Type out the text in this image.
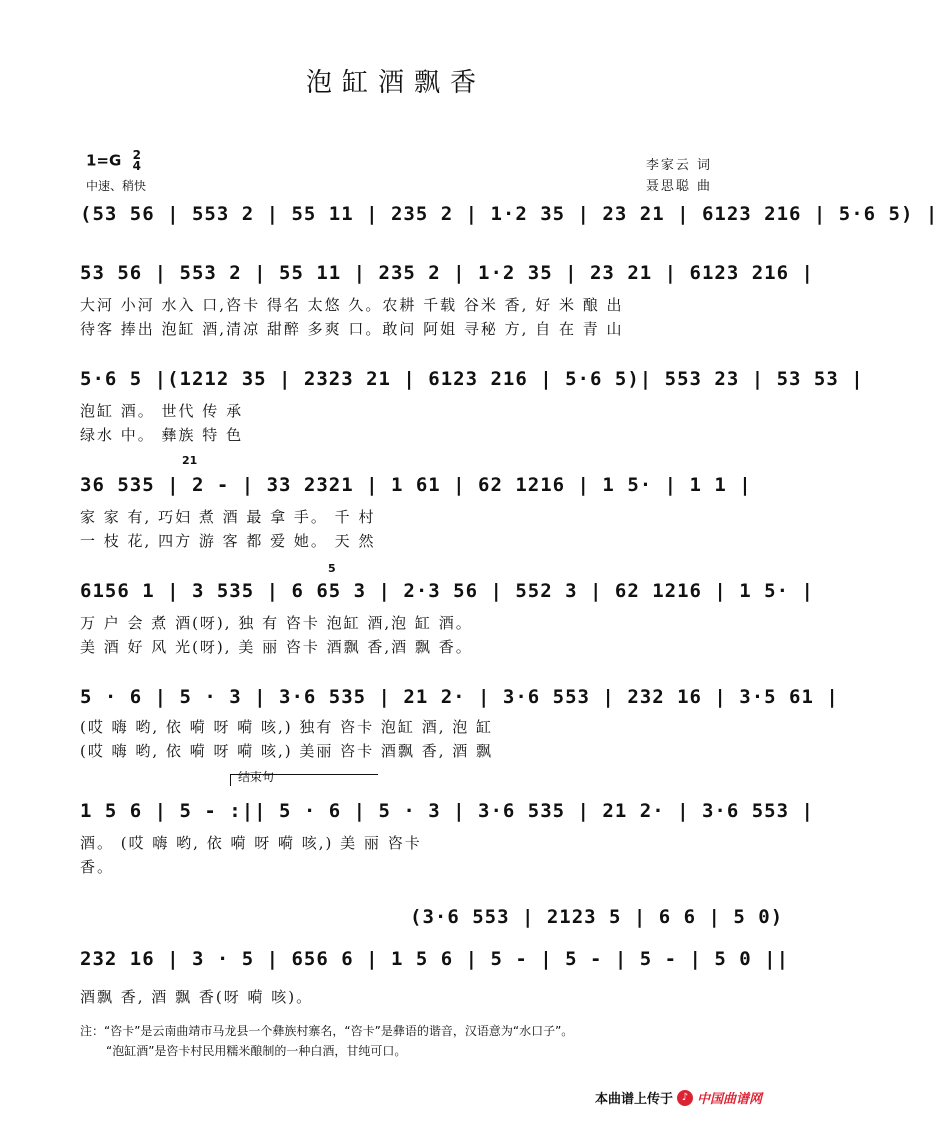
泡缸酒飘香
1=G 2
4
中速、稍快
李家云 词
聂思聪 曲
(53 56 | 553 2 | 55 11 | 235 2 | 1·2 35 | 23 21 | 6123 216 | 5·6 5) |
53 56 | 553 2 | 55 11 | 235 2 | 1·2 35 | 23 21 | 6123 216 |
大河 小河 水入 口,咨卡 得名 太悠 久。农耕 千载 谷米 香, 好 米 酿 出
待客 捧出 泡缸 酒,清凉 甜醉 多爽 口。敢问 阿姐 寻秘 方, 自 在 青 山
5·6 5 |(1212 35 | 2323 21 | 6123 216 | 5·6 5)| 553 23 | 53 53 |
泡缸 酒。 世代 传 承
绿水 中。 彝族 特 色
21
36 535 | 2 - | 33 2321 | 1 61 | 62 1216 | 1 5· | 1 1 |
家 家 有, 巧妇 煮 酒 最 拿 手。 千 村
一 枝 花, 四方 游 客 都 爱 她。 天 然
5
6156 1 | 3 535 | 6 65 3 | 2·3 56 | 552 3 | 62 1216 | 1 5· |
万 户 会 煮 酒(呀), 独 有 咨卡 泡缸 酒,泡 缸 酒。
美 酒 好 风 光(呀), 美 丽 咨卡 酒飘 香,酒 飘 香。
5 · 6 | 5 · 3 | 3·6 535 | 21 2· | 3·6 553 | 232 16 | 3·5 61 |
(哎 嗨 哟, 依 嗬 呀 嗬 咳,) 独有 咨卡 泡缸 酒, 泡 缸
(哎 嗨 哟, 依 嗬 呀 嗬 咳,) 美丽 咨卡 酒飘 香, 酒 飘
结束句
1 5 6 | 5 - :|| 5 · 6 | 5 · 3 | 3·6 535 | 21 2· | 3·6 553 |
酒。 (哎 嗨 哟, 依 嗬 呀 嗬 咳,) 美 丽 咨卡
香。
(3·6 553 | 2123 5 | 6 6 | 5 0)
232 16 | 3 · 5 | 656 6 | 1 5 6 | 5 - | 5 - | 5 - | 5 0 ||
酒飘 香, 酒 飘 香(呀 嗬 咳)。
注：“咨卡”是云南曲靖市马龙县一个彝族村寨名，“咨卡”是彝语的谐音，汉语意为“水口子”。
“泡缸酒”是咨卡村民用糯米酿制的一种白酒，甘纯可口。
本曲谱上传于 ♪ 中国曲谱网
